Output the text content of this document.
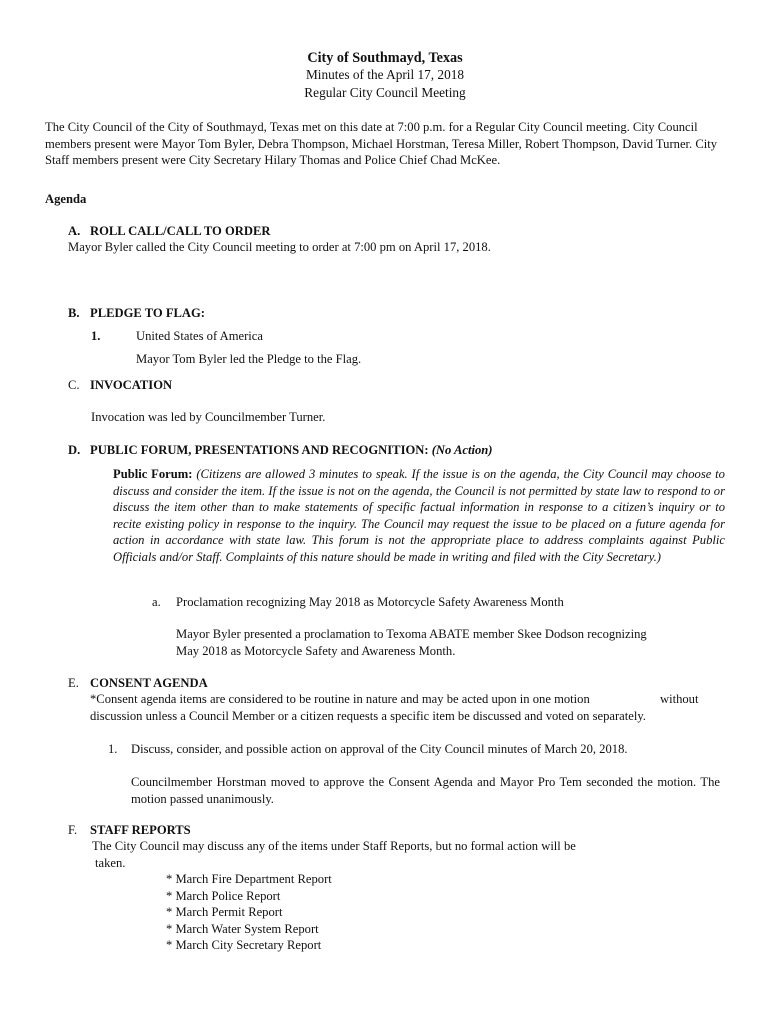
City of Southmayd, Texas
Minutes of the April 17, 2018
Regular City Council Meeting
The City Council of the City of Southmayd, Texas met on this date at 7:00 p.m. for a Regular City Council meeting. City Council members present were Mayor Tom Byler, Debra Thompson, Michael Horstman, Teresa Miller, Robert Thompson, David Turner. City Staff members present were City Secretary Hilary Thomas and Police Chief Chad McKee.
Agenda
A. ROLL CALL/CALL TO ORDER
Mayor Byler called the City Council meeting to order at 7:00 pm on April 17, 2018.
B. PLEDGE TO FLAG:
1.	United States of America
Mayor Tom Byler led the Pledge to the Flag.
C. INVOCATION
Invocation was led by Councilmember Turner.
D. PUBLIC FORUM, PRESENTATIONS AND RECOGNITION: (No Action)
Public Forum: (Citizens are allowed 3 minutes to speak. If the issue is on the agenda, the City Council may choose to discuss and consider the item. If the issue is not on the agenda, the Council is not permitted by state law to respond to or discuss the item other than to make statements of specific factual information in response to a citizen’s inquiry or to recite existing policy in response to the inquiry. The Council may request the issue to be placed on a future agenda for action in accordance with state law. This forum is not the appropriate place to address complaints against Public Officials and/or Staff. Complaints of this nature should be made in writing and filed with the City Secretary.)
a. Proclamation recognizing May 2018 as Motorcycle Safety Awareness Month
Mayor Byler presented a proclamation to Texoma ABATE member Skee Dodson recognizing
May 2018 as Motorcycle Safety and Awareness Month.
E. CONSENT AGENDA
*Consent agenda items are considered to be routine in nature and may be acted upon in one motion	without
discussion unless a Council Member or a citizen requests a specific item be discussed and voted on separately.
1. Discuss, consider, and possible action on approval of the City Council minutes of March 20, 2018.
Councilmember Horstman moved to approve the Consent Agenda and Mayor Pro Tem seconded the motion. The motion passed unanimously.
F. STAFF REPORTS
The City Council may discuss any of the items under Staff Reports, but no formal action will be
taken.
* March Fire Department Report
* March Police Report
* March Permit Report
* March Water System Report
* March City Secretary Report
